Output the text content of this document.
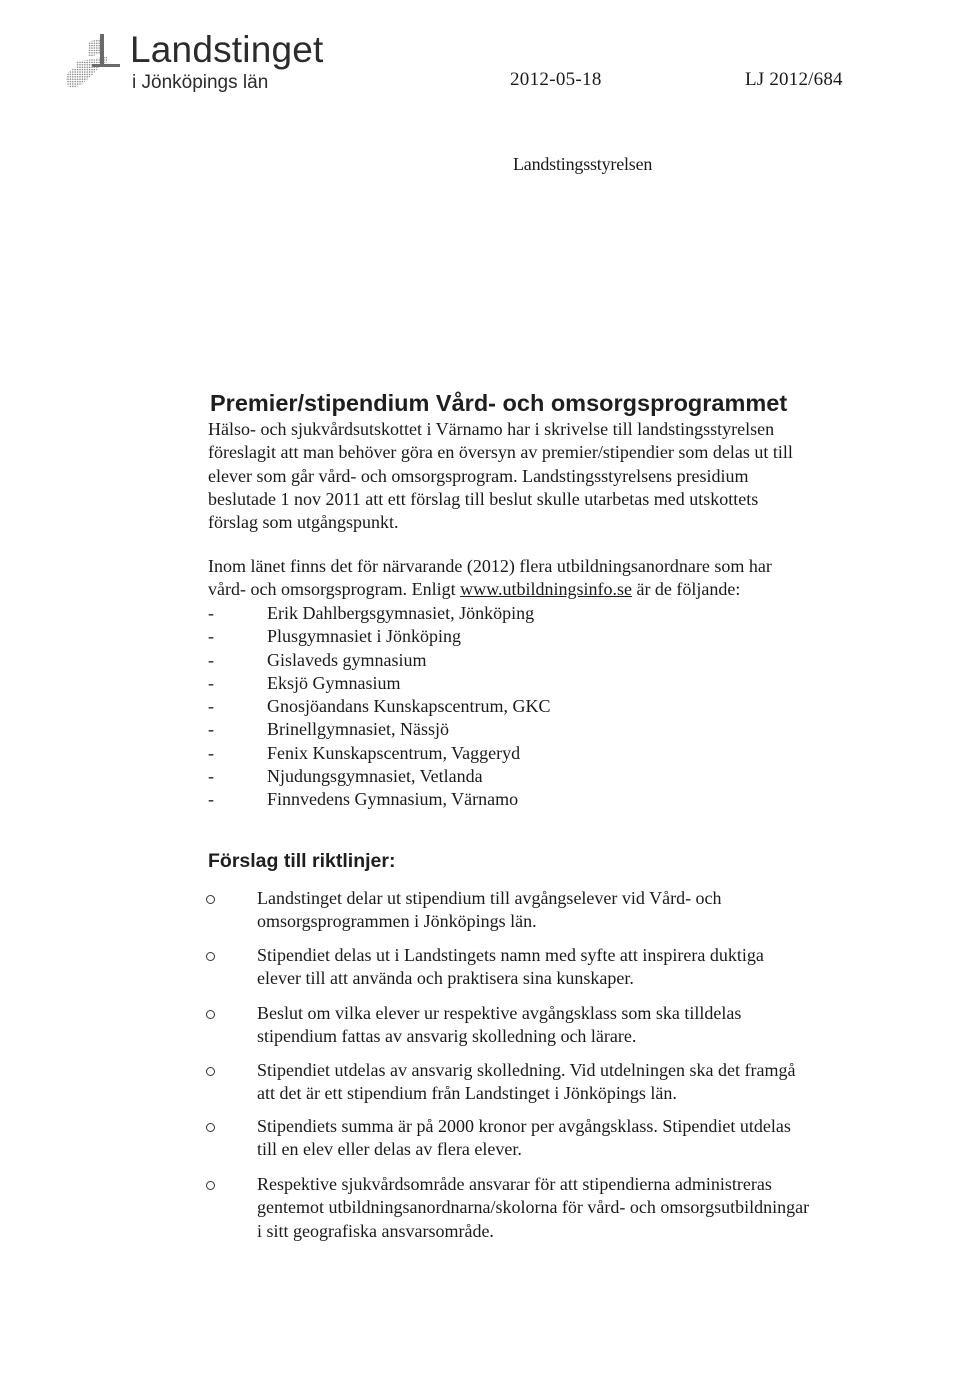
Landstinget
i Jönköpings län	2012-05-18	LJ 2012/684
Landstingsstyrelsen
Premier/stipendium Vård- och omsorgsprogrammet

Hälso- och sjukvårdsutskottet i Värnamo har i skrivelse till landstingsstyrelsen
föreslagit att man behöver göra en översyn av premier/stipendier som delas ut till
elever som går vård- och omsorgsprogram. Landstingsstyrelsens presidium
beslutade 1 nov 2011 att ett förslag till beslut skulle utarbetas med utskottets
förslag som utgångspunkt.

Inom länet finns det för närvarande (2012) flera utbildningsanordnare som har
vård- och omsorgsprogram. Enligt www.utbildningsinfo.se är de följande:

-	Erik Dahlbergsgymnasiet, Jönköping
-	Plusgymnasiet i Jönköping
-	Gislaveds gymnasium
-	Eksjö Gymnasium
-	Gnosjöandans Kunskapscentrum, GKC
-	Brinellgymnasiet, Nässjö
-	Fenix Kunskapscentrum, Vaggeryd
-	Njudungsgymnasiet, Vetlanda
-	Finnvedens Gymnasium, Värnamo
Förslag till riktlinjer:
Landstinget delar ut stipendium till avgångselever vid Vård- och
omsorgsprogrammen i Jönköpings län.
Stipendiet delas ut i Landstingets namn med syfte att inspirera duktiga
elever till att använda och praktisera sina kunskaper.
Beslut om vilka elever ur respektive avgångsklass som ska tilldelas
stipendium fattas av ansvarig skolledning och lärare.
Stipendiet utdelas av ansvarig skolledning. Vid utdelningen ska det framgå
att det är ett stipendium från Landstinget i Jönköpings län.
Stipendiets summa är på 2000 kronor per avgångsklass. Stipendiet utdelas
till en elev eller delas av flera elever.
Respektive sjukvårdsområde ansvarar för att stipendierna administreras
gentemot utbildningsanordnarna/skolorna för vård- och omsorgsutbildningar
i sitt geografiska ansvarsområde.
